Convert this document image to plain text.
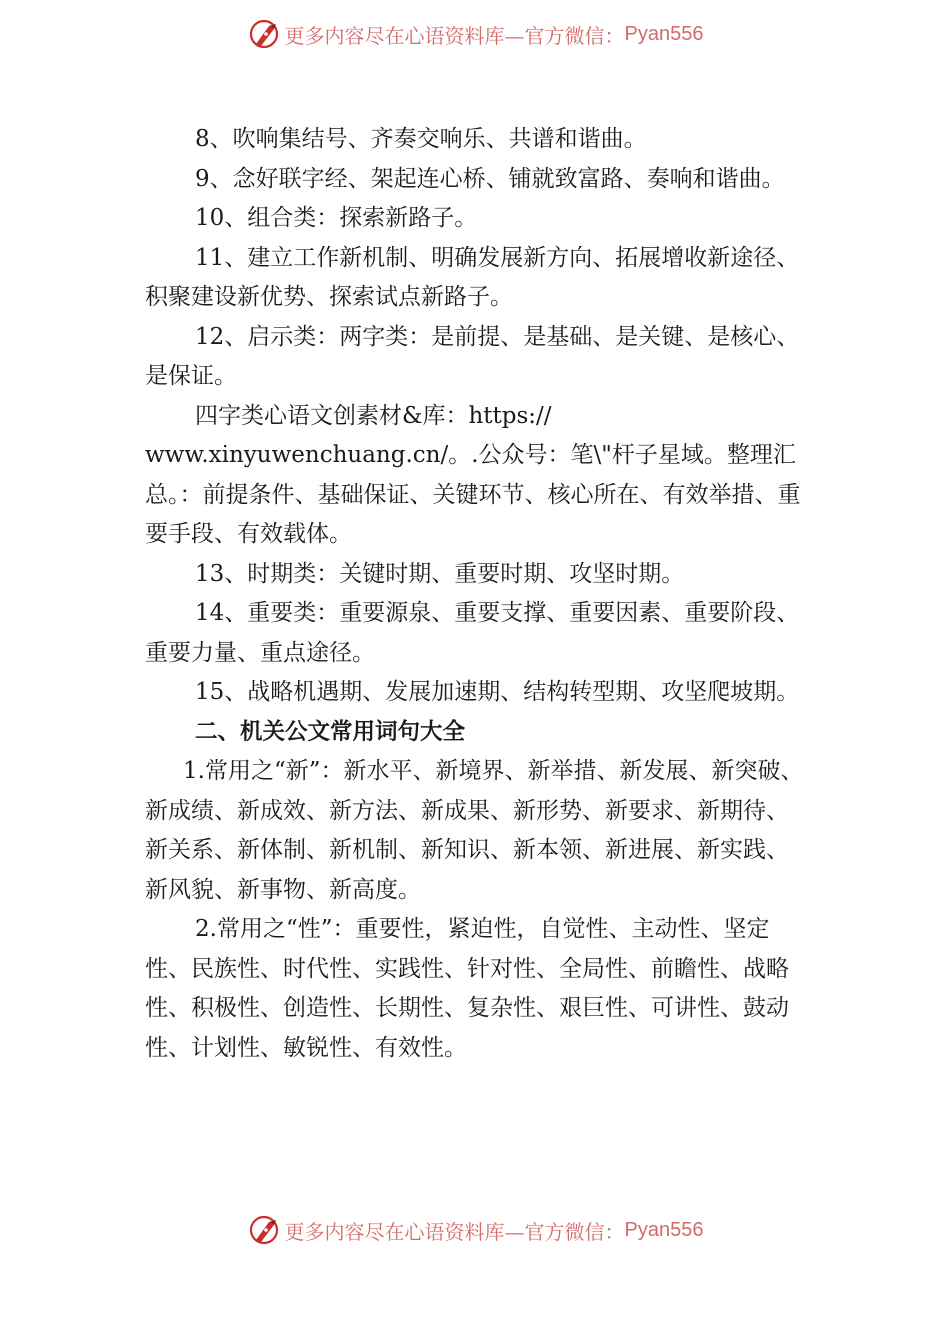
更多内容尽在心语资料库—官方微信： Pyan556

8、吹响集结号、齐奏交响乐、共谱和谐曲。

9、念好联字经、架起连心桥、铺就致富路、奏响和谐曲。

10、组合类：探索新路子。

11、建立工作新机制、明确发展新方向、拓展增收新途径、积聚建设新优势、探索试点新路子。

12、启示类：两字类：是前提、是基础、是关键、是核心、是保证。

四字类心语文创素材&库：https://

www.xinyuwenchuang.cn/。.公众号：笔\"杆子星域。整理汇总。：前提条件、基础保证、关键环节、核心所在、有效举措、重要手段、有效载体。

13、时期类：关键时期、重要时期、攻坚时期。

14、重要类：重要源泉、重要支撑、重要因素、重要阶段、重要力量、重点途径。

15、战略机遇期、发展加速期、结构转型期、攻坚爬坡期。

二、机关公文常用词句大全

1.常用之“新”：新水平、新境界、新举措、新发展、新突破、新成绩、新成效、新方法、新成果、新形势、新要求、新期待、新关系、新体制、新机制、新知识、新本领、新进展、新实践、新风貌、新事物、新高度。

2.常用之“性”：重要性，紧迫性，自觉性、主动性、坚定性、民族性、时代性、实践性、针对性、全局性、前瞻性、战略性、积极性、创造性、长期性、复杂性、艰巨性、可讲性、鼓动性、计划性、敏锐性、有效性。

更多内容尽在心语资料库—官方微信： Pyan556
